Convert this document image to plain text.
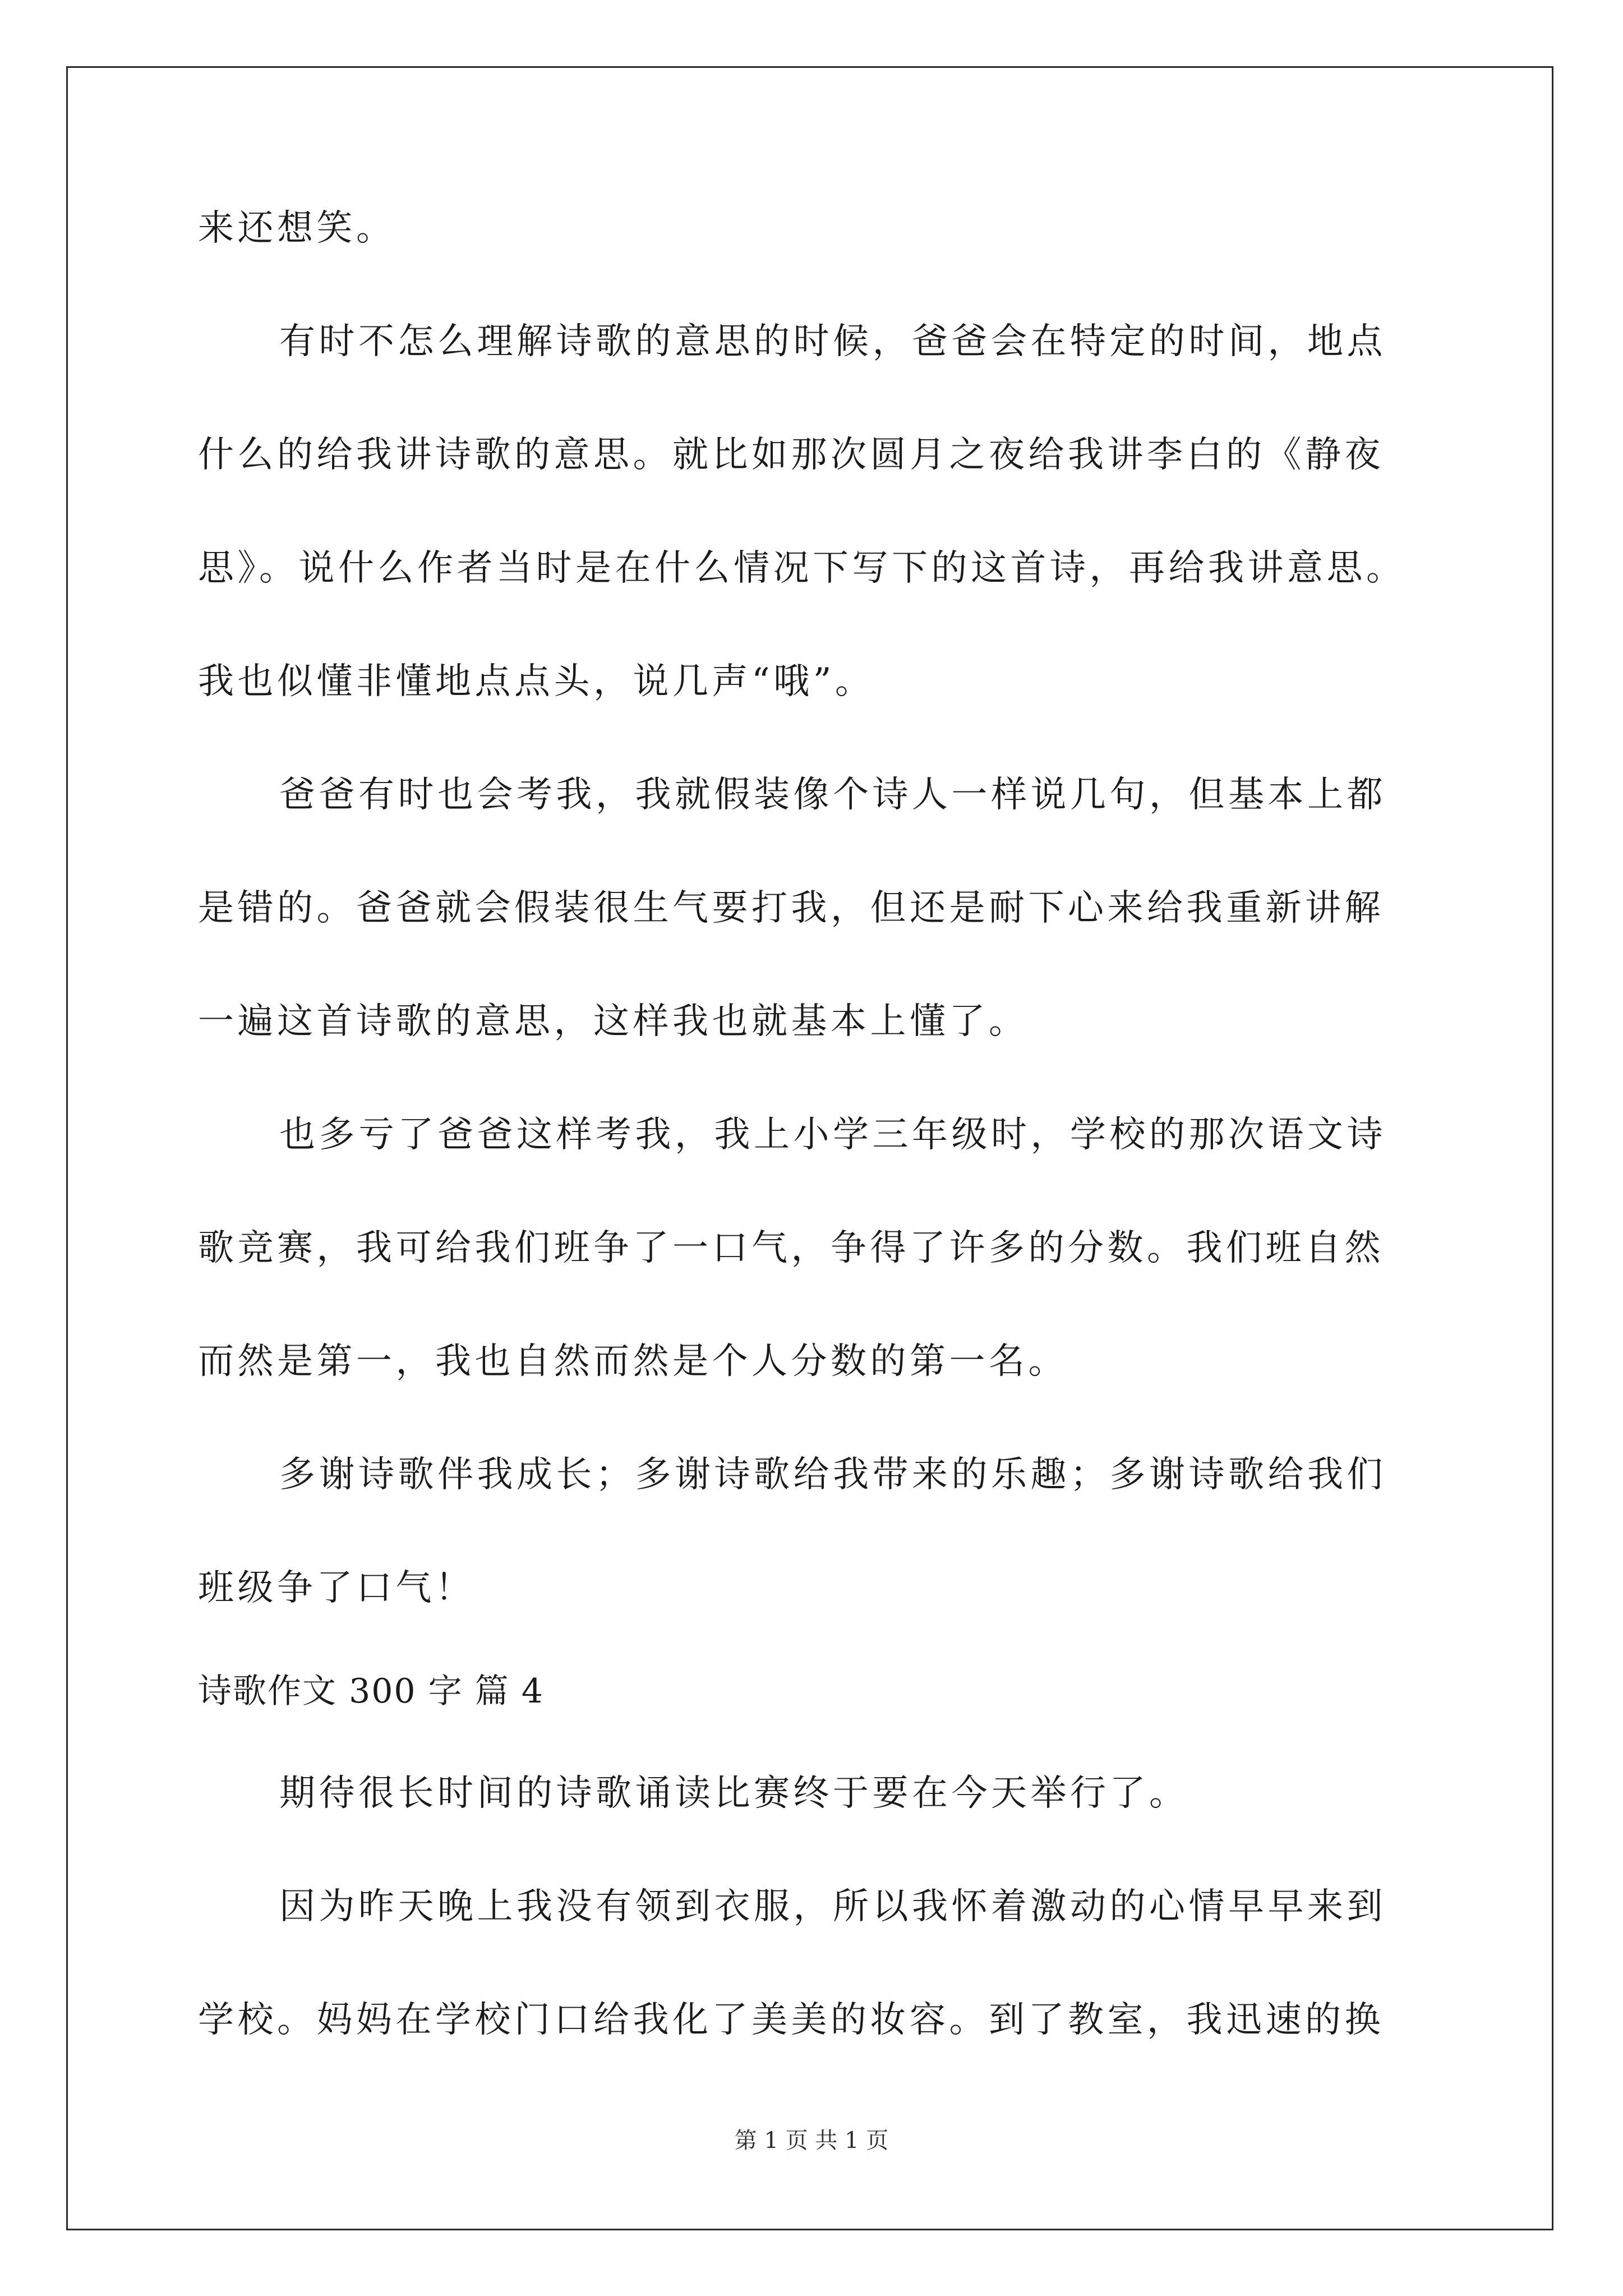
来还想笑。
有时不怎么理解诗歌的意思的时候，爸爸会在特定的时间，地点
什么的给我讲诗歌的意思。就比如那次圆月之夜给我讲李白的《静夜
思》。说什么作者当时是在什么情况下写下的这首诗，再给我讲意思。
我也似懂非懂地点点头，说几声“哦”。
爸爸有时也会考我，我就假装像个诗人一样说几句，但基本上都
是错的。爸爸就会假装很生气要打我，但还是耐下心来给我重新讲解
一遍这首诗歌的意思，这样我也就基本上懂了。
也多亏了爸爸这样考我，我上小学三年级时，学校的那次语文诗
歌竞赛，我可给我们班争了一口气，争得了许多的分数。我们班自然
而然是第一，我也自然而然是个人分数的第一名。
多谢诗歌伴我成长；多谢诗歌给我带来的乐趣；多谢诗歌给我们
班级争了口气！
诗歌作文 300 字 篇 4
期待很长时间的诗歌诵读比赛终于要在今天举行了。
因为昨天晚上我没有领到衣服，所以我怀着激动的心情早早来到
学校。妈妈在学校门口给我化了美美的妆容。到了教室，我迅速的换
第 1 页 共 1 页
